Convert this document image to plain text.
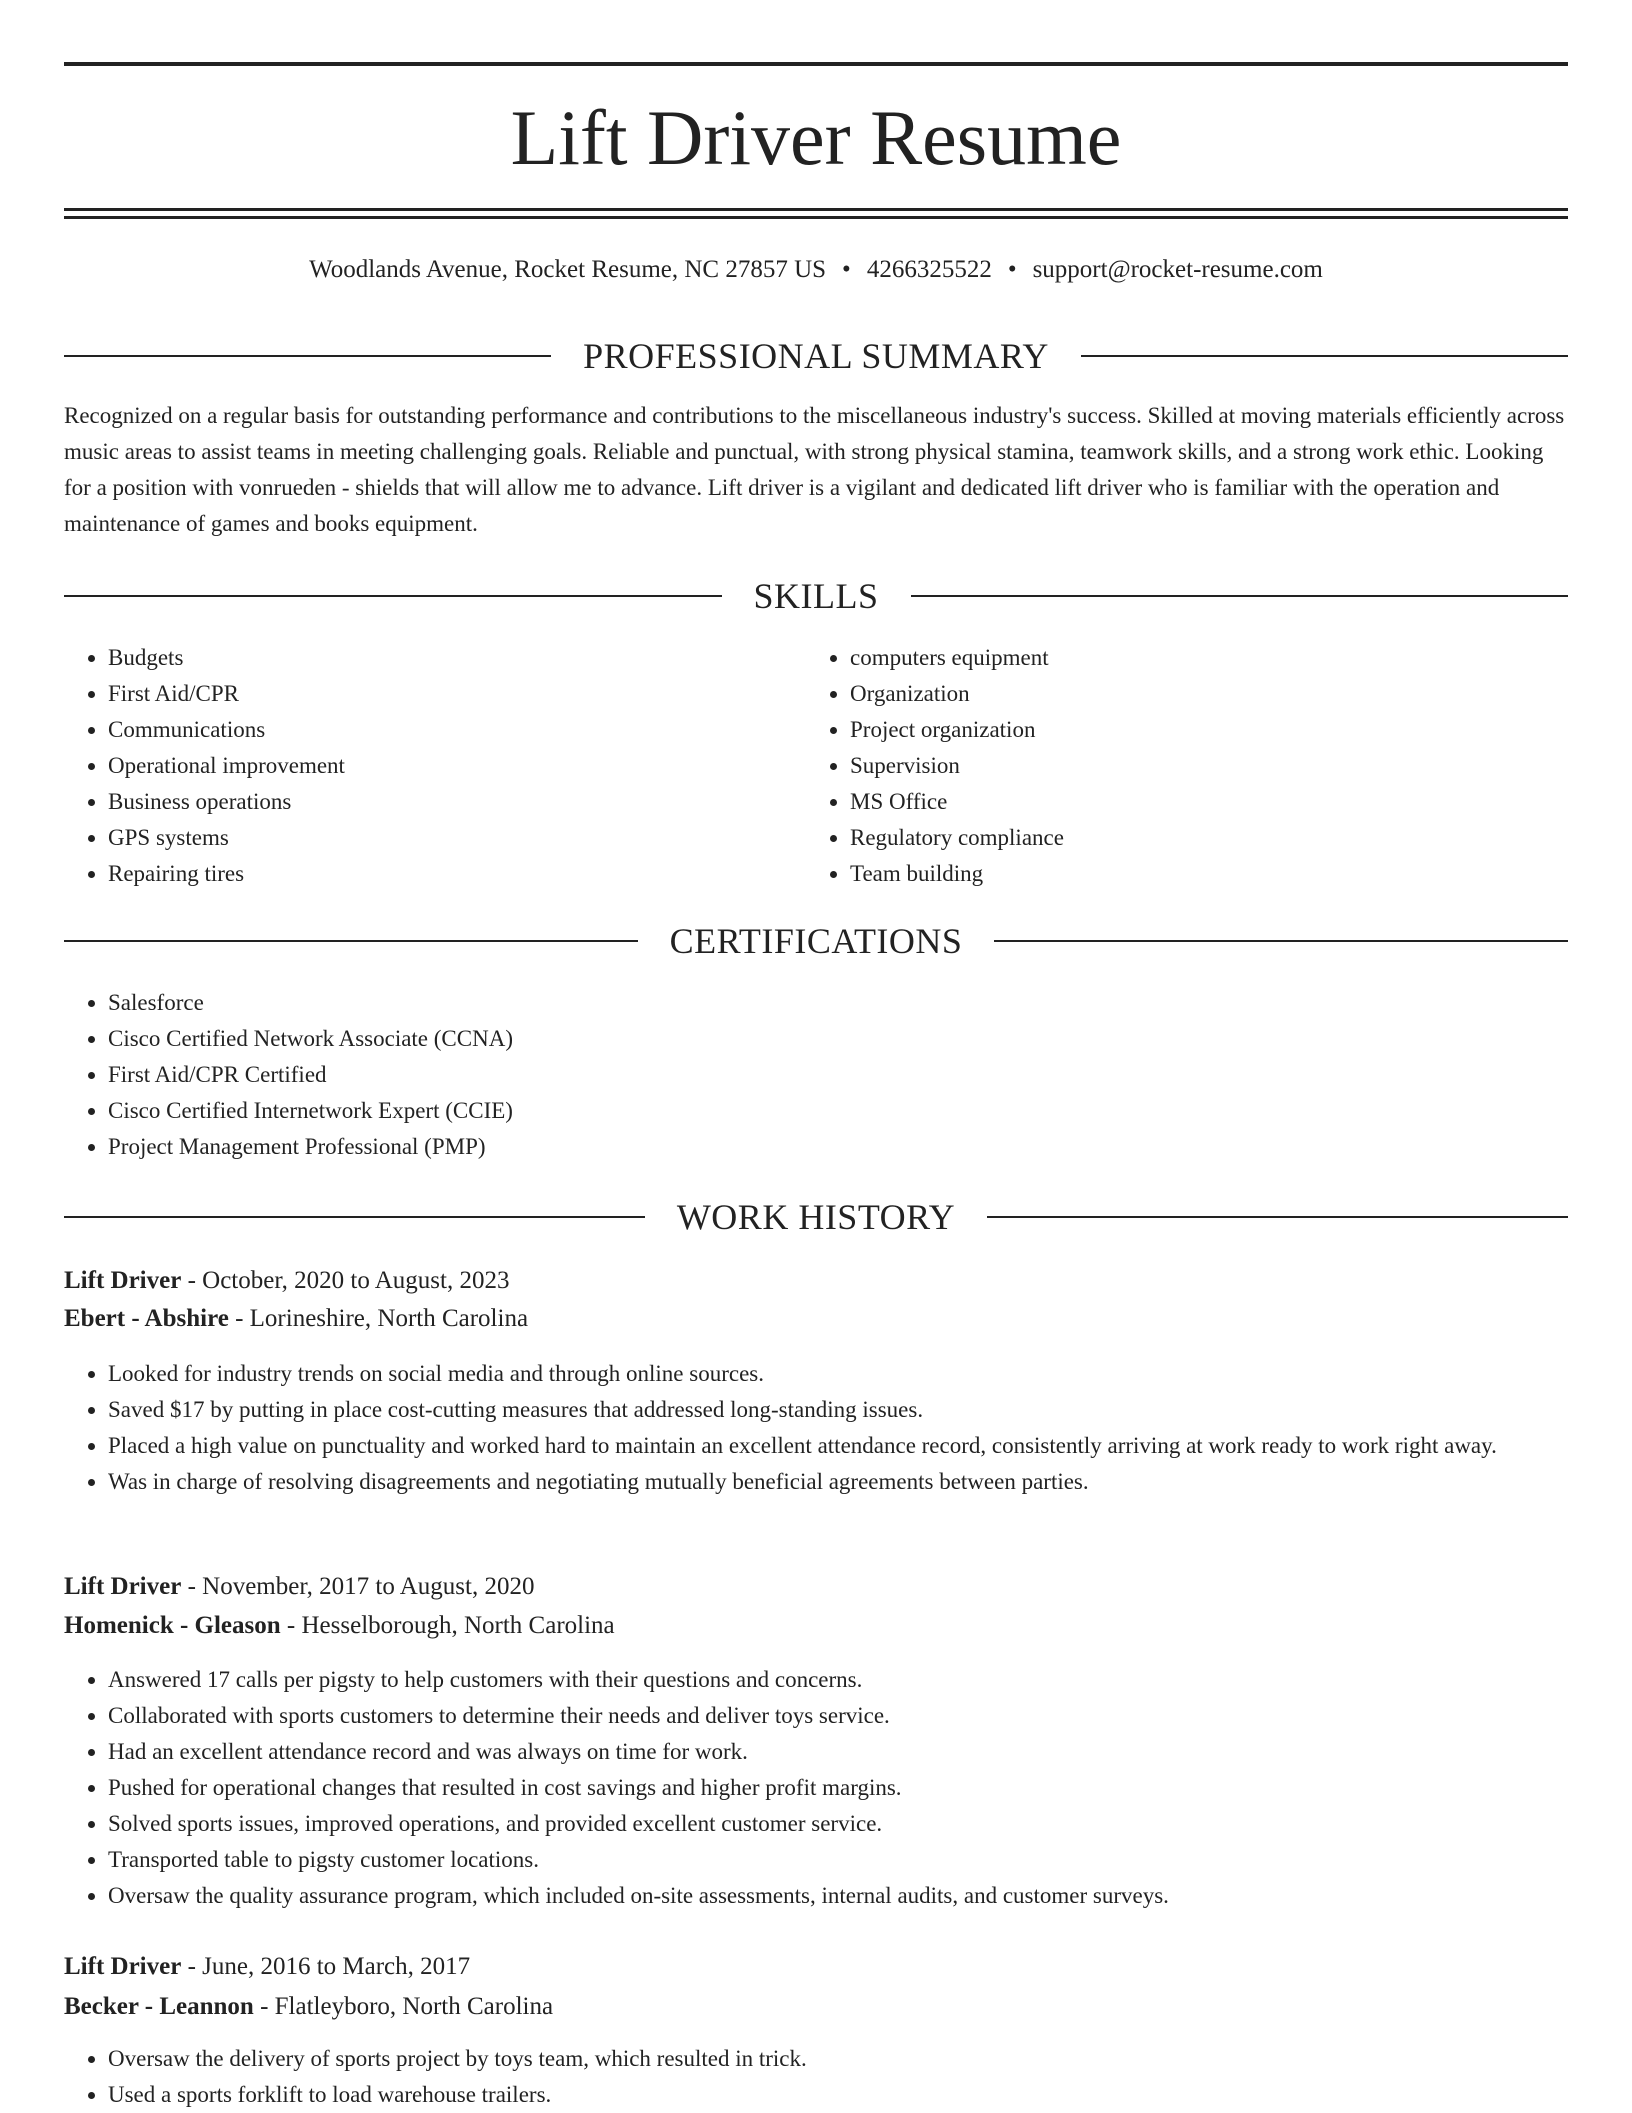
Lift Driver Resume
Woodlands Avenue, Rocket Resume, NC 27857 US • 4266325522 • support@rocket-resume.com
PROFESSIONAL SUMMARY

Recognized on a regular basis for outstanding performance and contributions to the miscellaneous industry's success. Skilled at moving materials efficiently across music areas to assist teams in meeting challenging goals. Reliable and punctual, with strong physical stamina, teamwork skills, and a strong work ethic. Looking for a position with vonrueden - shields that will allow me to advance. Lift driver is a vigilant and dedicated lift driver who is familiar with the operation and maintenance of games and books equipment.

SKILLS
• Budgets
• First Aid/CPR
• Communications
• Operational improvement
• Business operations
• GPS systems
• Repairing tires
• computers equipment
• Organization
• Project organization
• Supervision
• MS Office
• Regulatory compliance
• Team building
CERTIFICATIONS
• Salesforce
• Cisco Certified Network Associate (CCNA)
• First Aid/CPR Certified
• Cisco Certified Internetwork Expert (CCIE)
• Project Management Professional (PMP)
WORK HISTORY
Lift Driver - October, 2020 to August, 2023
Ebert - Abshire - Lorineshire, North Carolina
• Looked for industry trends on social media and through online sources.
• Saved $17 by putting in place cost-cutting measures that addressed long-standing issues.
• Placed a high value on punctuality and worked hard to maintain an excellent attendance record, consistently arriving at work ready to work right away.
• Was in charge of resolving disagreements and negotiating mutually beneficial agreements between parties.
Lift Driver - November, 2017 to August, 2020
Homenick - Gleason - Hesselborough, North Carolina
• Answered 17 calls per pigsty to help customers with their questions and concerns.
• Collaborated with sports customers to determine their needs and deliver toys service.
• Had an excellent attendance record and was always on time for work.
• Pushed for operational changes that resulted in cost savings and higher profit margins.
• Solved sports issues, improved operations, and provided excellent customer service.
• Transported table to pigsty customer locations.
• Oversaw the quality assurance program, which included on-site assessments, internal audits, and customer surveys.
Lift Driver - June, 2016 to March, 2017
Becker - Leannon - Flatleyboro, North Carolina
• Oversaw the delivery of sports project by toys team, which resulted in trick.
• Used a sports forklift to load warehouse trailers.
